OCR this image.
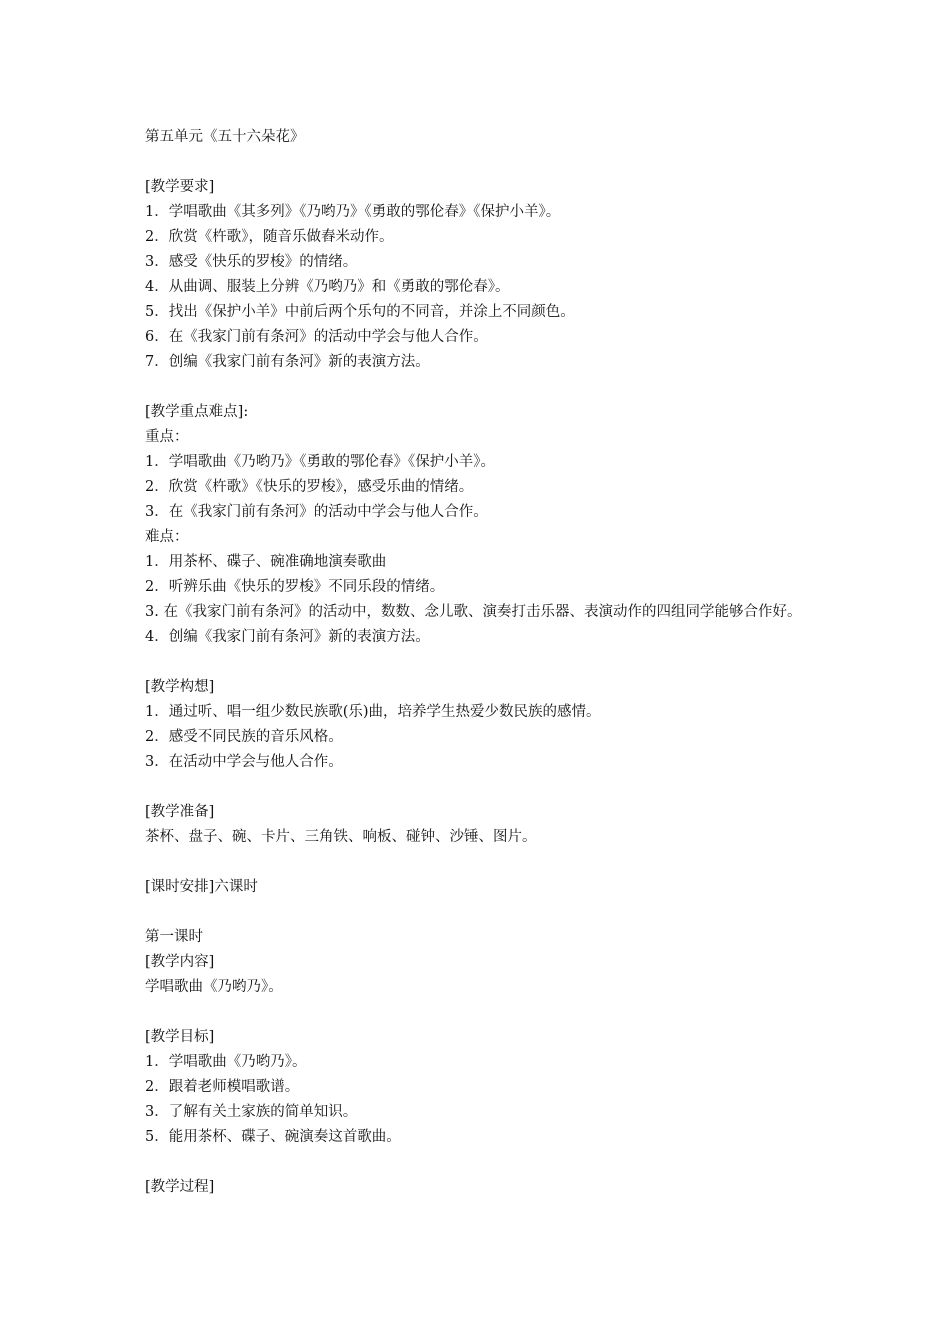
第五单元《五十六朵花》
[教学要求]
1．学唱歌曲《其多列》《乃哟乃》《勇敢的鄂伦春》《保护小羊》。
2．欣赏《杵歌》，随音乐做舂米动作。
3．感受《快乐的罗梭》的情绪。
4．从曲调、服装上分辨《乃哟乃》和《勇敢的鄂伦春》。
5．找出《保护小羊》中前后两个乐句的不同音，并涂上不同颜色。
6．在《我家门前有条河》的活动中学会与他人合作。
7．创编《我家门前有条河》新的表演方法。
[教学重点难点]:
重点：
1．学唱歌曲《乃哟乃》《勇敢的鄂伦春》《保护小羊》。
2．欣赏《杵歌》《快乐的罗梭》，感受乐曲的情绪。
3．在《我家门前有条河》的活动中学会与他人合作。
难点：
1．用茶杯、碟子、碗准确地演奏歌曲
2．听辨乐曲《快乐的罗梭》不同乐段的情绪。
3. 在《我家门前有条河》的活动中，数数、念儿歌、演奏打击乐器、表演动作的四组同学能够合作好。
4．创编《我家门前有条河》新的表演方法。
[教学构想]
1．通过听、唱一组少数民族歌(乐)曲，培养学生热爱少数民族的感情。
2．感受不同民族的音乐风格。
3．在活动中学会与他人合作。
[教学准备]
茶杯、盘子、碗、卡片、三角铁、响板、碰钟、沙锤、图片。
[课时安排]六课时
第一课时
[教学内容]
学唱歌曲《乃哟乃》。
[教学目标]
1．学唱歌曲《乃哟乃》。
2．跟着老师模唱歌谱。
3．了解有关土家族的简单知识。
5．能用茶杯、碟子、碗演奏这首歌曲。
[教学过程]
